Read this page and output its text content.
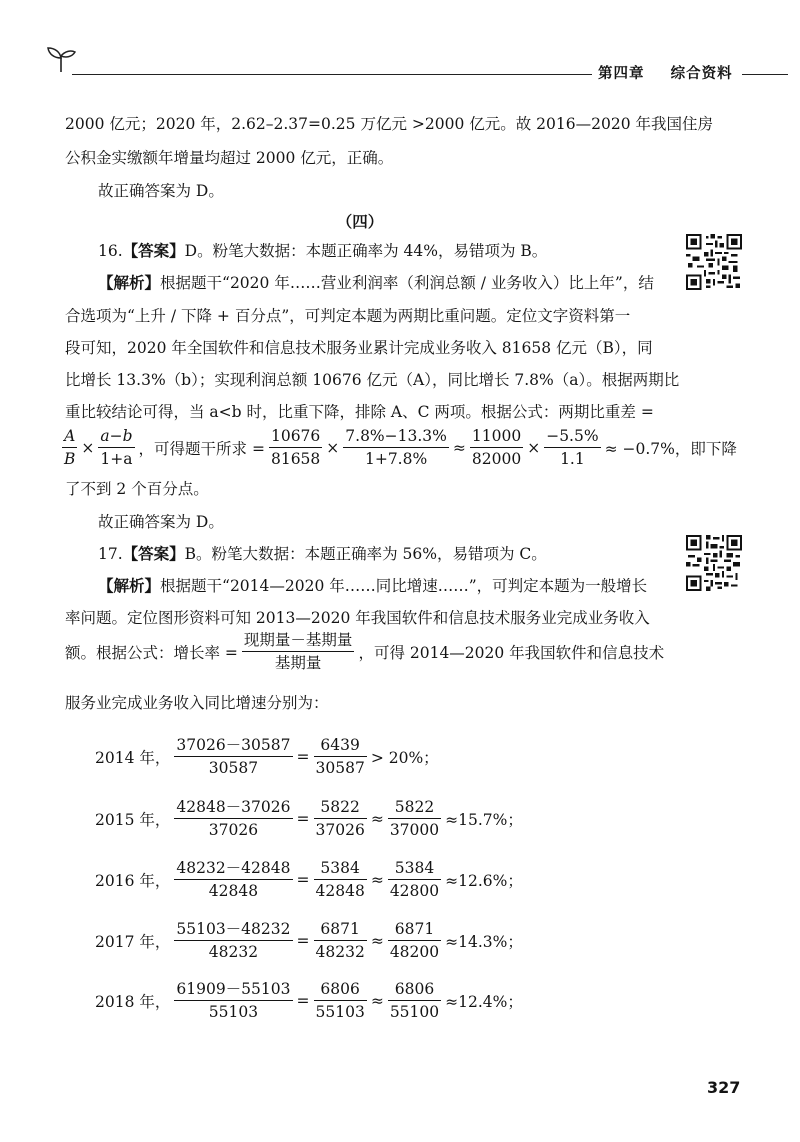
第四章 综合资料
2000 亿元；2020 年，2.62–2.37=0.25 万亿元 >2000 亿元。故 2016—2020 年我国住房
公积金实缴额年增量均超过 2000 亿元，正确。
故正确答案为 D。
（四）
16.【答案】D。粉笔大数据：本题正确率为 44%，易错项为 B。
【解析】根据题干“2020 年……营业利润率（利润总额 / 业务收入）比上年”，结
合选项为“上升 / 下降 + 百分点”，可判定本题为两期比重问题。定位文字资料第一
段可知，2020 年全国软件和信息技术服务业累计完成业务收入 81658 亿元（B），同
比增长 13.3%（b）；实现利润总额 10676 亿元（A），同比增长 7.8%（a）。根据两期比
重比较结论可得，当 a<b 时，比重下降，排除 A、C 两项。根据公式：两期比重差 =
$\frac{A}{B} \times \frac{a-b}{1+a}$ ，可得题干所求 = $\frac{10676}{81658} \times \frac{7.8\%-13.3\%}{1+7.8\%} \approx \frac{11000}{82000} \times \frac{-5.5\%}{1.1} \approx -0.7\%$，即下降
了不到 2 个百分点。
故正确答案为 D。
17.【答案】B。粉笔大数据：本题正确率为 56%，易错项为 C。
【解析】根据题干“2014—2020 年……同比增速……”，可判定本题为一般增长
率问题。定位图形资料可知 2013—2020 年我国软件和信息技术服务业完成业务收入
额。根据公式：增长率 = $\frac{\text{现期量－基期量}}{\text{基期量}}$ ，可得 2014—2020 年我国软件和信息技术
服务业完成业务收入同比增速分别为：
2014 年， $\frac{37026-30587}{30587} = \frac{6439}{30587} > 20\%$；
2015 年， $\frac{42848-37026}{37026} = \frac{5822}{37026} \approx \frac{5822}{37000} \approx 15.7\%$；
2016 年， $\frac{48232-42848}{42848} = \frac{5384}{42848} \approx \frac{5384}{42800} \approx 12.6\%$；
2017 年， $\frac{55103-48232}{48232} = \frac{6871}{48232} \approx \frac{6871}{48200} \approx 14.3\%$；
2018 年， $\frac{61909-55103}{55103} = \frac{6806}{55103} \approx \frac{6806}{55100} \approx 12.4\%$；
327
